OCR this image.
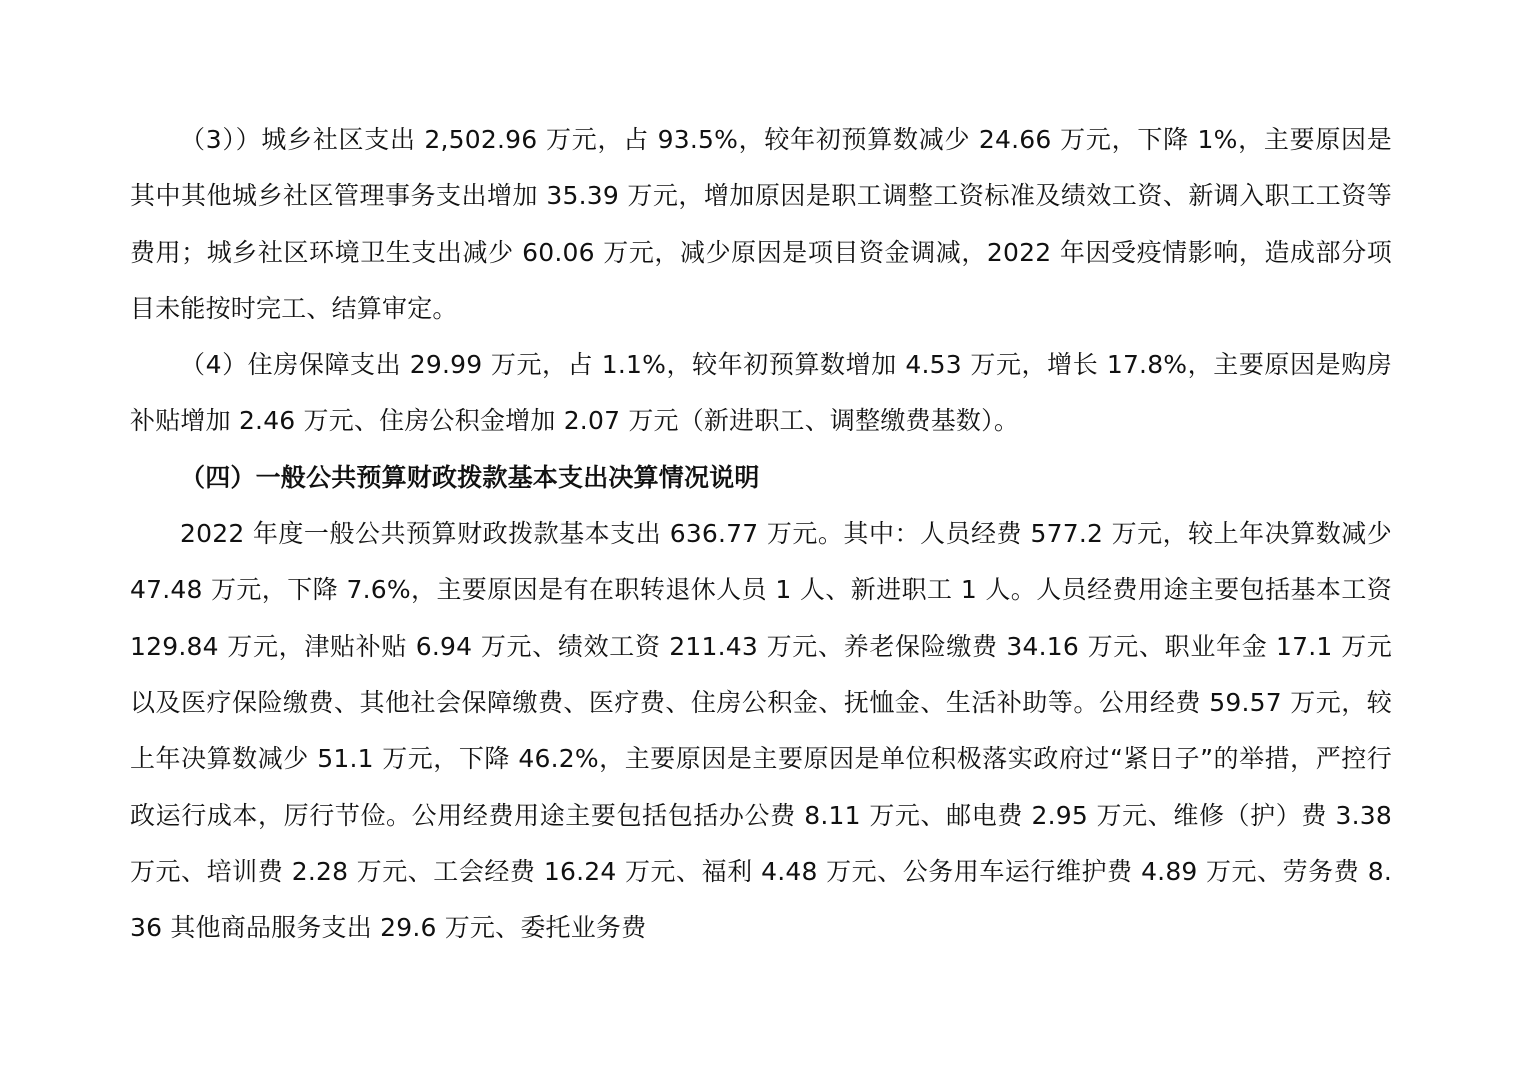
（3））城乡社区支出 2,502.96 万元，占 93.5%，较年初预算数减少 24.66 万元，下降 1%，主要原因是其中其他城乡社区管理事务支出增加 35.39 万元，增加原因是职工调整工资标准及绩效工资、新调入职工工资等费用；城乡社区环境卫生支出减少 60.06 万元，减少原因是项目资金调减，2022 年因受疫情影响，造成部分项目未能按时完工、结算审定。

（4）住房保障支出 29.99 万元，占 1.1%，较年初预算数增加 4.53 万元，增长 17.8%，主要原因是购房补贴增加 2.46 万元、住房公积金增加 2.07 万元（新进职工、调整缴费基数）。

（四）一般公共预算财政拨款基本支出决算情况说明

2022 年度一般公共预算财政拨款基本支出 636.77 万元。其中：人员经费 577.2 万元，较上年决算数减少 47.48 万元，下降 7.6%，主要原因是有在职转退休人员 1 人、新进职工 1 人。人员经费用途主要包括基本工资 129.84 万元，津贴补贴 6.94 万元、绩效工资 211.43 万元、养老保险缴费 34.16 万元、职业年金 17.1 万元以及医疗保险缴费、其他社会保障缴费、医疗费、住房公积金、抚恤金、生活补助等。公用经费 59.57 万元，较上年决算数减少 51.1 万元，下降 46.2%，主要原因是主要原因是单位积极落实政府过“紧日子”的举措，严控行政运行成本，厉行节俭。公用经费用途主要包括包括办公费 8.11 万元、邮电费 2.95 万元、维修（护）费 3.38 万元、培训费 2.28 万元、工会经费 16.24 万元、福利 4.48 万元、公务用车运行维护费 4.89 万元、劳务费 8.36 其他商品服务支出 29.6 万元、委托业务费
